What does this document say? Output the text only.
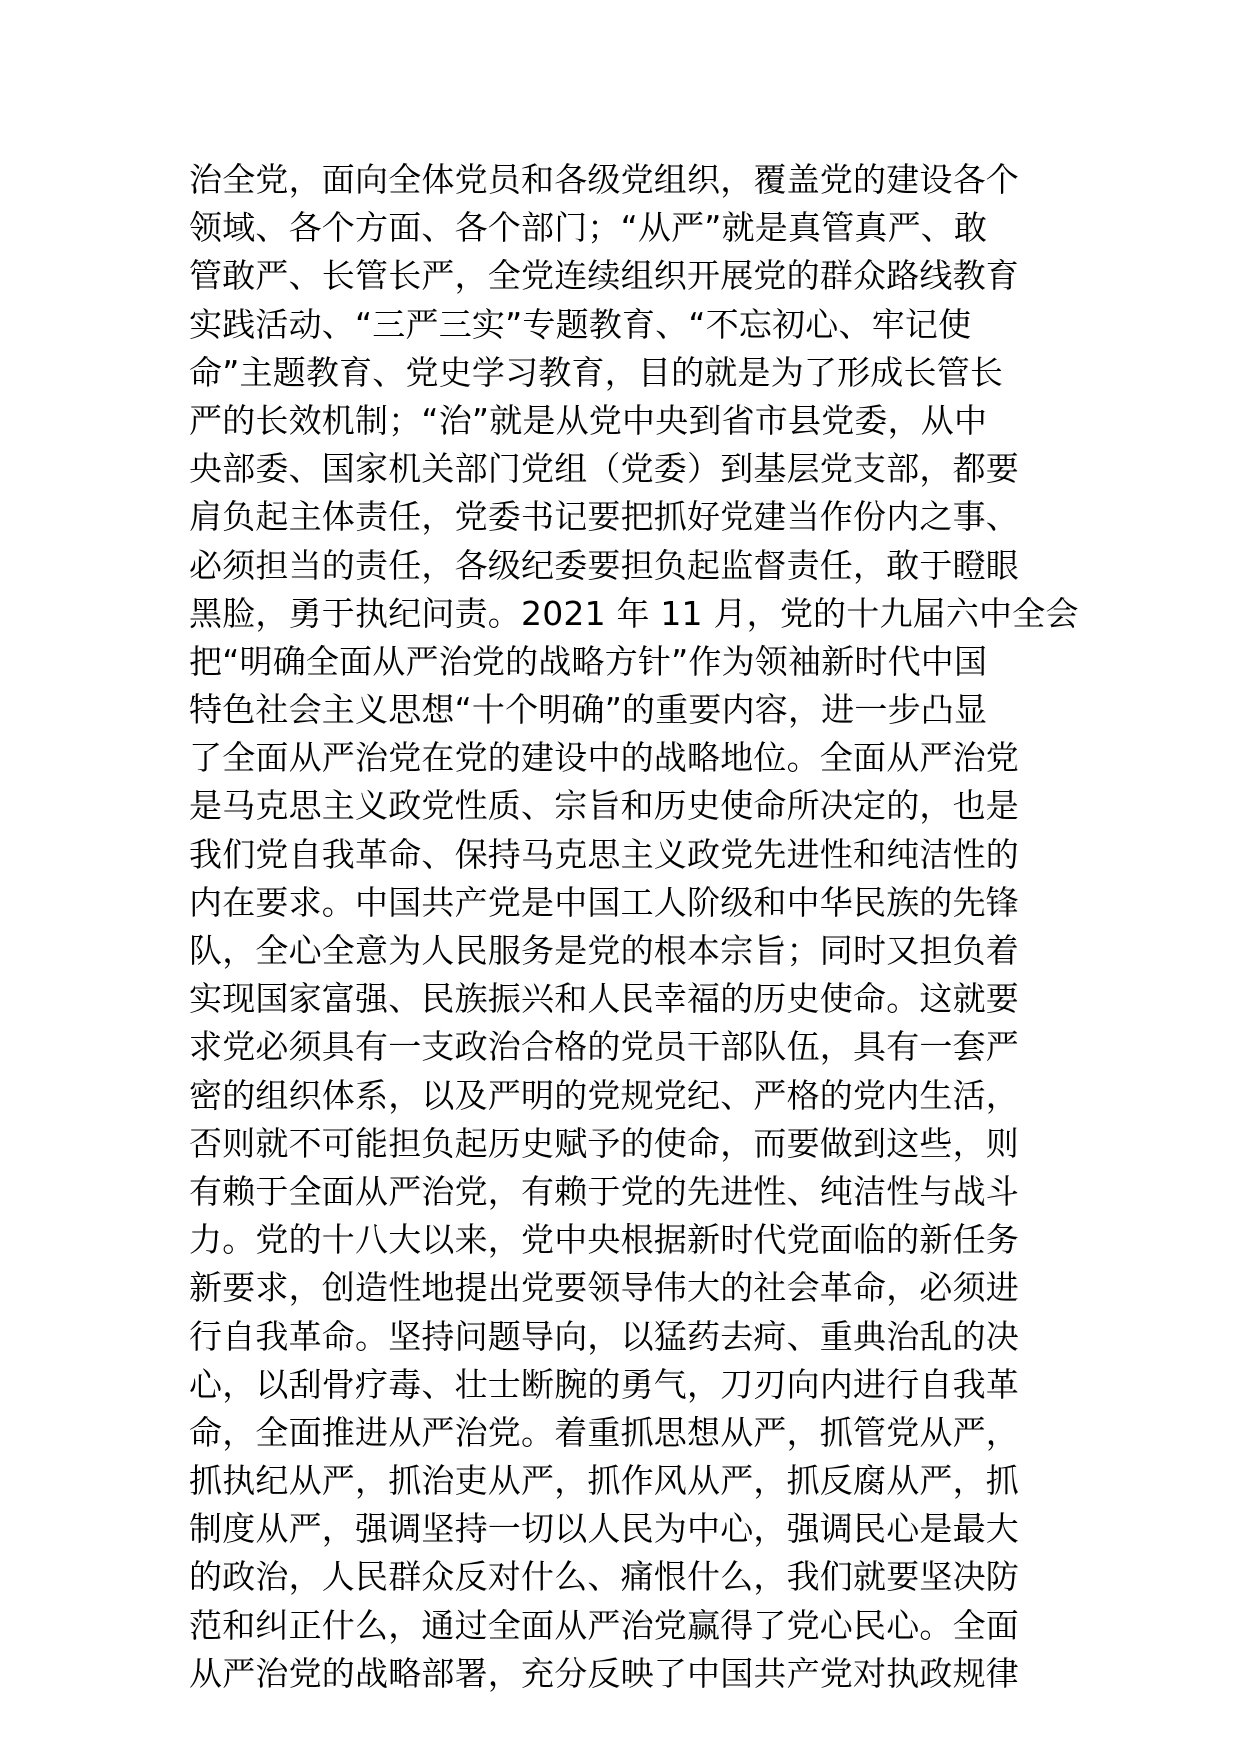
治全党，面向全体党员和各级党组织，覆盖党的建设各个
领域、各个方面、各个部门；“从严”就是真管真严、敢
管敢严、长管长严，全党连续组织开展党的群众路线教育
实践活动、“三严三实”专题教育、“不忘初心、牢记使
命”主题教育、党史学习教育，目的就是为了形成长管长
严的长效机制；“治”就是从党中央到省市县党委，从中
央部委、国家机关部门党组（党委）到基层党支部，都要
肩负起主体责任，党委书记要把抓好党建当作份内之事、
必须担当的责任，各级纪委要担负起监督责任，敢于瞪眼
黑脸，勇于执纪问责。2021 年 11 月，党的十九届六中全会
把“明确全面从严治党的战略方针”作为领袖新时代中国
特色社会主义思想“十个明确”的重要内容，进一步凸显
了全面从严治党在党的建设中的战略地位。全面从严治党
是马克思主义政党性质、宗旨和历史使命所决定的，也是
我们党自我革命、保持马克思主义政党先进性和纯洁性的
内在要求。中国共产党是中国工人阶级和中华民族的先锋
队，全心全意为人民服务是党的根本宗旨；同时又担负着
实现国家富强、民族振兴和人民幸福的历史使命。这就要
求党必须具有一支政治合格的党员干部队伍，具有一套严
密的组织体系，以及严明的党规党纪、严格的党内生活，
否则就不可能担负起历史赋予的使命，而要做到这些，则
有赖于全面从严治党，有赖于党的先进性、纯洁性与战斗
力。党的十八大以来，党中央根据新时代党面临的新任务
新要求，创造性地提出党要领导伟大的社会革命，必须进
行自我革命。坚持问题导向，以猛药去疴、重典治乱的决
心，以刮骨疗毒、壮士断腕的勇气，刀刃向内进行自我革
命，全面推进从严治党。着重抓思想从严，抓管党从严，
抓执纪从严，抓治吏从严，抓作风从严，抓反腐从严，抓
制度从严，强调坚持一切以人民为中心，强调民心是最大
的政治，人民群众反对什么、痛恨什么，我们就要坚决防
范和纠正什么，通过全面从严治党赢得了党心民心。全面
从严治党的战略部署，充分反映了中国共产党对执政规律
